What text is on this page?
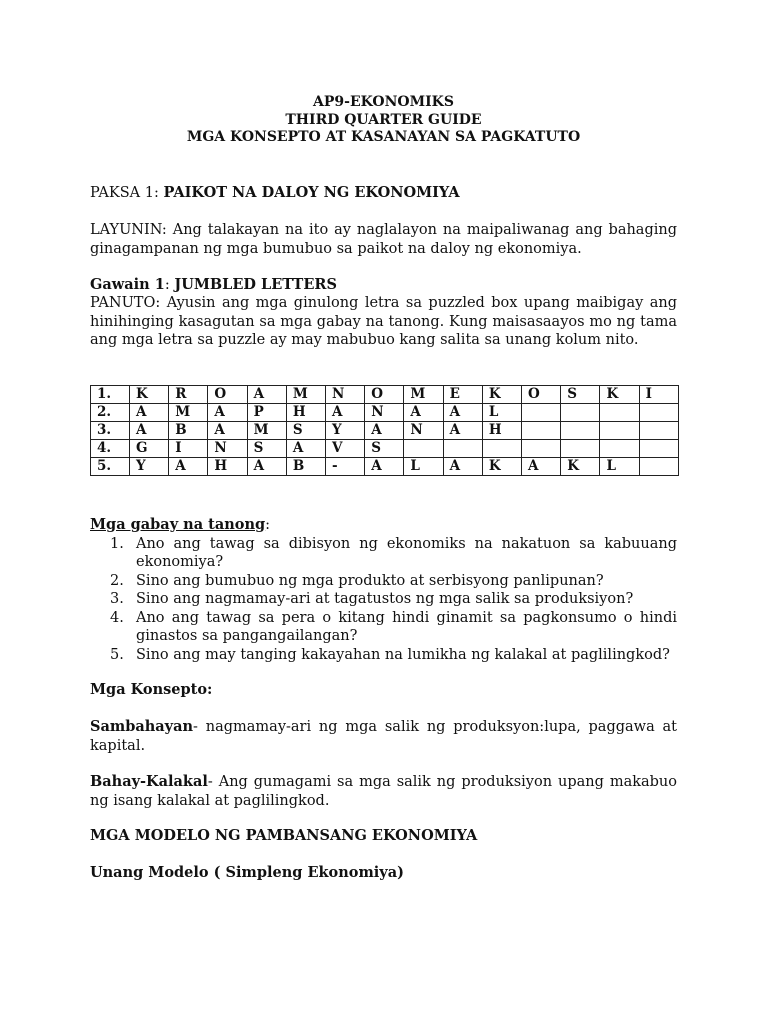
AP9-EKONOMIKS
THIRD QUARTER GUIDE
MGA KONSEPTO AT KASANAYAN SA PAGKATUTO

PAKSA 1: PAIKOT NA DALOY NG EKONOMIYA

LAYUNIN: Ang talakayan na ito ay naglalayon na maipaliwanag ang bahaging ginagampanan ng mga bumubuo sa paikot na daloy ng ekonomiya.

Gawain 1: JUMBLED LETTERS

PANUTO: Ayusin ang mga ginulong letra sa puzzled box upang maibigay ang hinihinging kasagutan sa mga gabay na tanong. Kung maisasaayos mo ng tama ang mga letra sa puzzle ay may mabubuo kang salita sa unang kolum nito.

1.	K	R	O	A	M	N	O	M	E	K	O	S	K	I
2.	A	M	A	P	H	A	N	A	A	L				
3.	A	B	A	M	S	Y	A	N	A	H				
4.	G	I	N	S	A	V	S							
5.	Y	A	H	A	B	-	A	L	A	K	A	K	L	

Mga gabay na tanong:

1. Ano ang tawag sa dibisyon ng ekonomiks na nakatuon sa kabuuang ekonomiya?
2. Sino ang bumubuo ng mga produkto at serbisyong panlipunan?
3. Sino ang nagmamay-ari at tagatustos ng mga salik sa produksiyon?
4. Ano ang tawag sa pera o kitang hindi ginamit sa pagkonsumo o hindi ginastos sa pangangailangan?
5. Sino ang may tanging kakayahan na lumikha ng kalakal at paglilingkod?

Mga Konsepto:

Sambahayan- nagmamay-ari ng mga salik ng produksyon:lupa, paggawa at kapital.

Bahay-Kalakal- Ang gumagami sa mga salik ng produksiyon upang makabuo ng isang kalakal at paglilingkod.

MGA MODELO NG PAMBANSANG EKONOMIYA

Unang Modelo ( Simpleng Ekonomiya)
